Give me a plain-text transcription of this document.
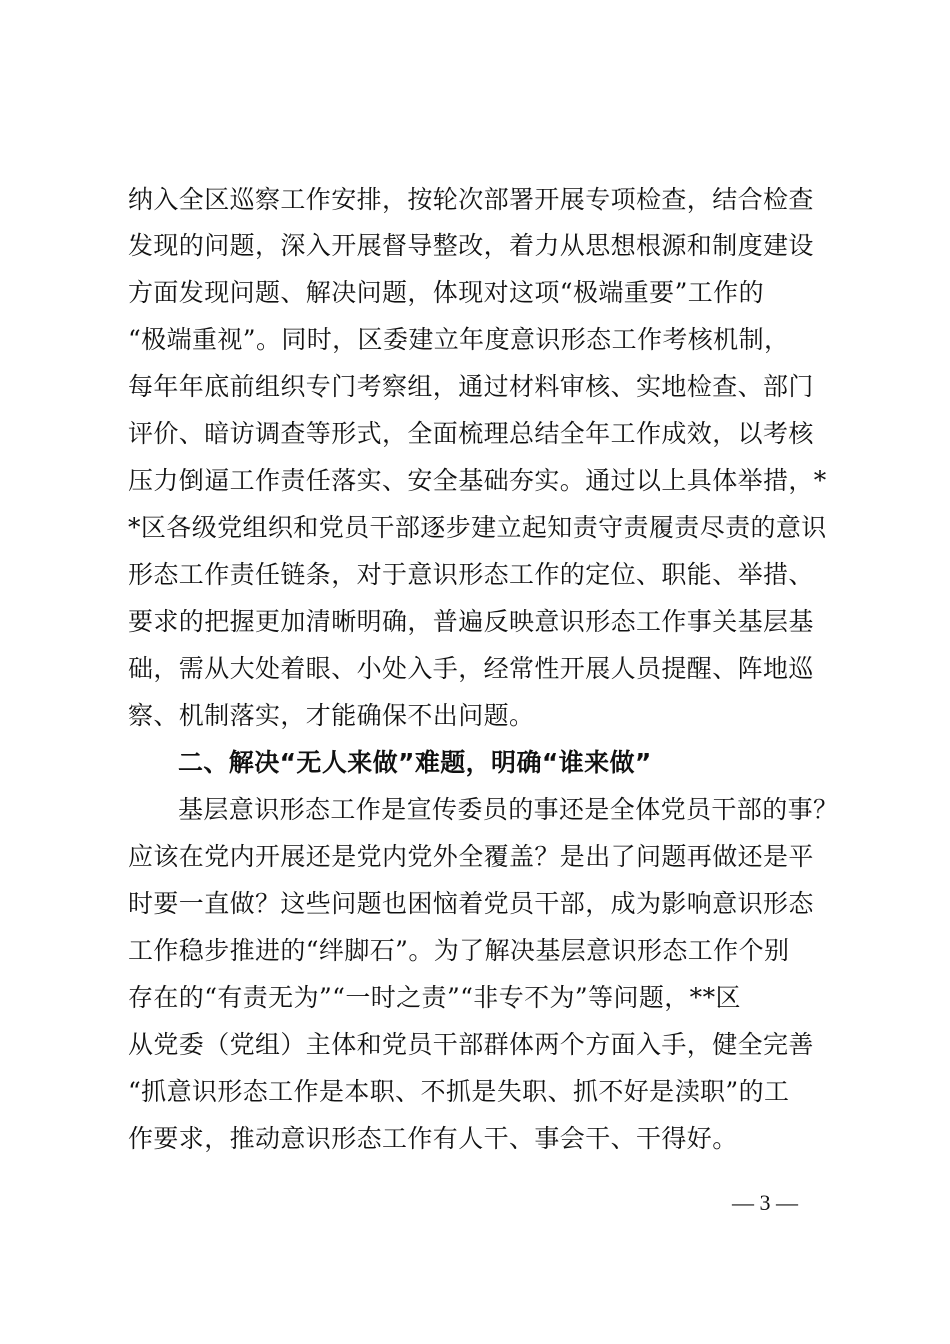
纳入全区巡察工作安排，按轮次部署开展专项检查，结合检查
发现的问题，深入开展督导整改，着力从思想根源和制度建设
方面发现问题、解决问题，体现对这项“极端重要”工作的
“极端重视”。同时，区委建立年度意识形态工作考核机制，
每年年底前组织专门考察组，通过材料审核、实地检查、部门
评价、暗访调查等形式，全面梳理总结全年工作成效，以考核
压力倒逼工作责任落实、安全基础夯实。通过以上具体举措，*
*区各级党组织和党员干部逐步建立起知责守责履责尽责的意识
形态工作责任链条，对于意识形态工作的定位、职能、举措、
要求的把握更加清晰明确，普遍反映意识形态工作事关基层基
础，需从大处着眼、小处入手，经常性开展人员提醒、阵地巡
察、机制落实，才能确保不出问题。
二、解决“无人来做”难题，明确“谁来做”
基层意识形态工作是宣传委员的事还是全体党员干部的事？
应该在党内开展还是党内党外全覆盖？是出了问题再做还是平
时要一直做？这些问题也困恼着党员干部，成为影响意识形态
工作稳步推进的“绊脚石”。为了解决基层意识形态工作个别
存在的“有责无为”“一时之责”“非专不为”等问题，**区
从党委（党组）主体和党员干部群体两个方面入手，健全完善
“抓意识形态工作是本职、不抓是失职、抓不好是渎职”的工
作要求，推动意识形态工作有人干、事会干、干得好。
— 3 —
